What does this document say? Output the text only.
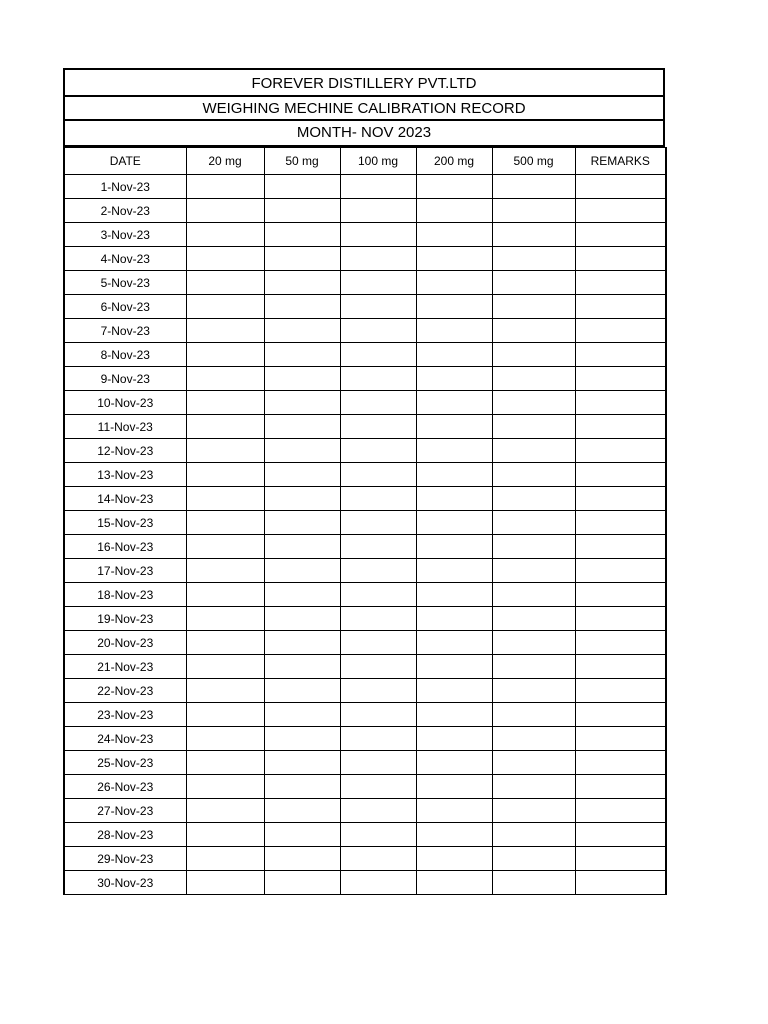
FOREVER DISTILLERY PVT.LTD
WEIGHING MECHINE CALIBRATION RECORD
MONTH- NOV 2023
DATE	20 mg	50 mg	100 mg	200 mg	500 mg	REMARKS
1-Nov-23						
2-Nov-23						
3-Nov-23						
4-Nov-23						
5-Nov-23						
6-Nov-23						
7-Nov-23						
8-Nov-23						
9-Nov-23						
10-Nov-23						
11-Nov-23						
12-Nov-23						
13-Nov-23						
14-Nov-23						
15-Nov-23						
16-Nov-23						
17-Nov-23						
18-Nov-23						
19-Nov-23						
20-Nov-23						
21-Nov-23						
22-Nov-23						
23-Nov-23						
24-Nov-23						
25-Nov-23						
26-Nov-23						
27-Nov-23						
28-Nov-23						
29-Nov-23						
30-Nov-23						
